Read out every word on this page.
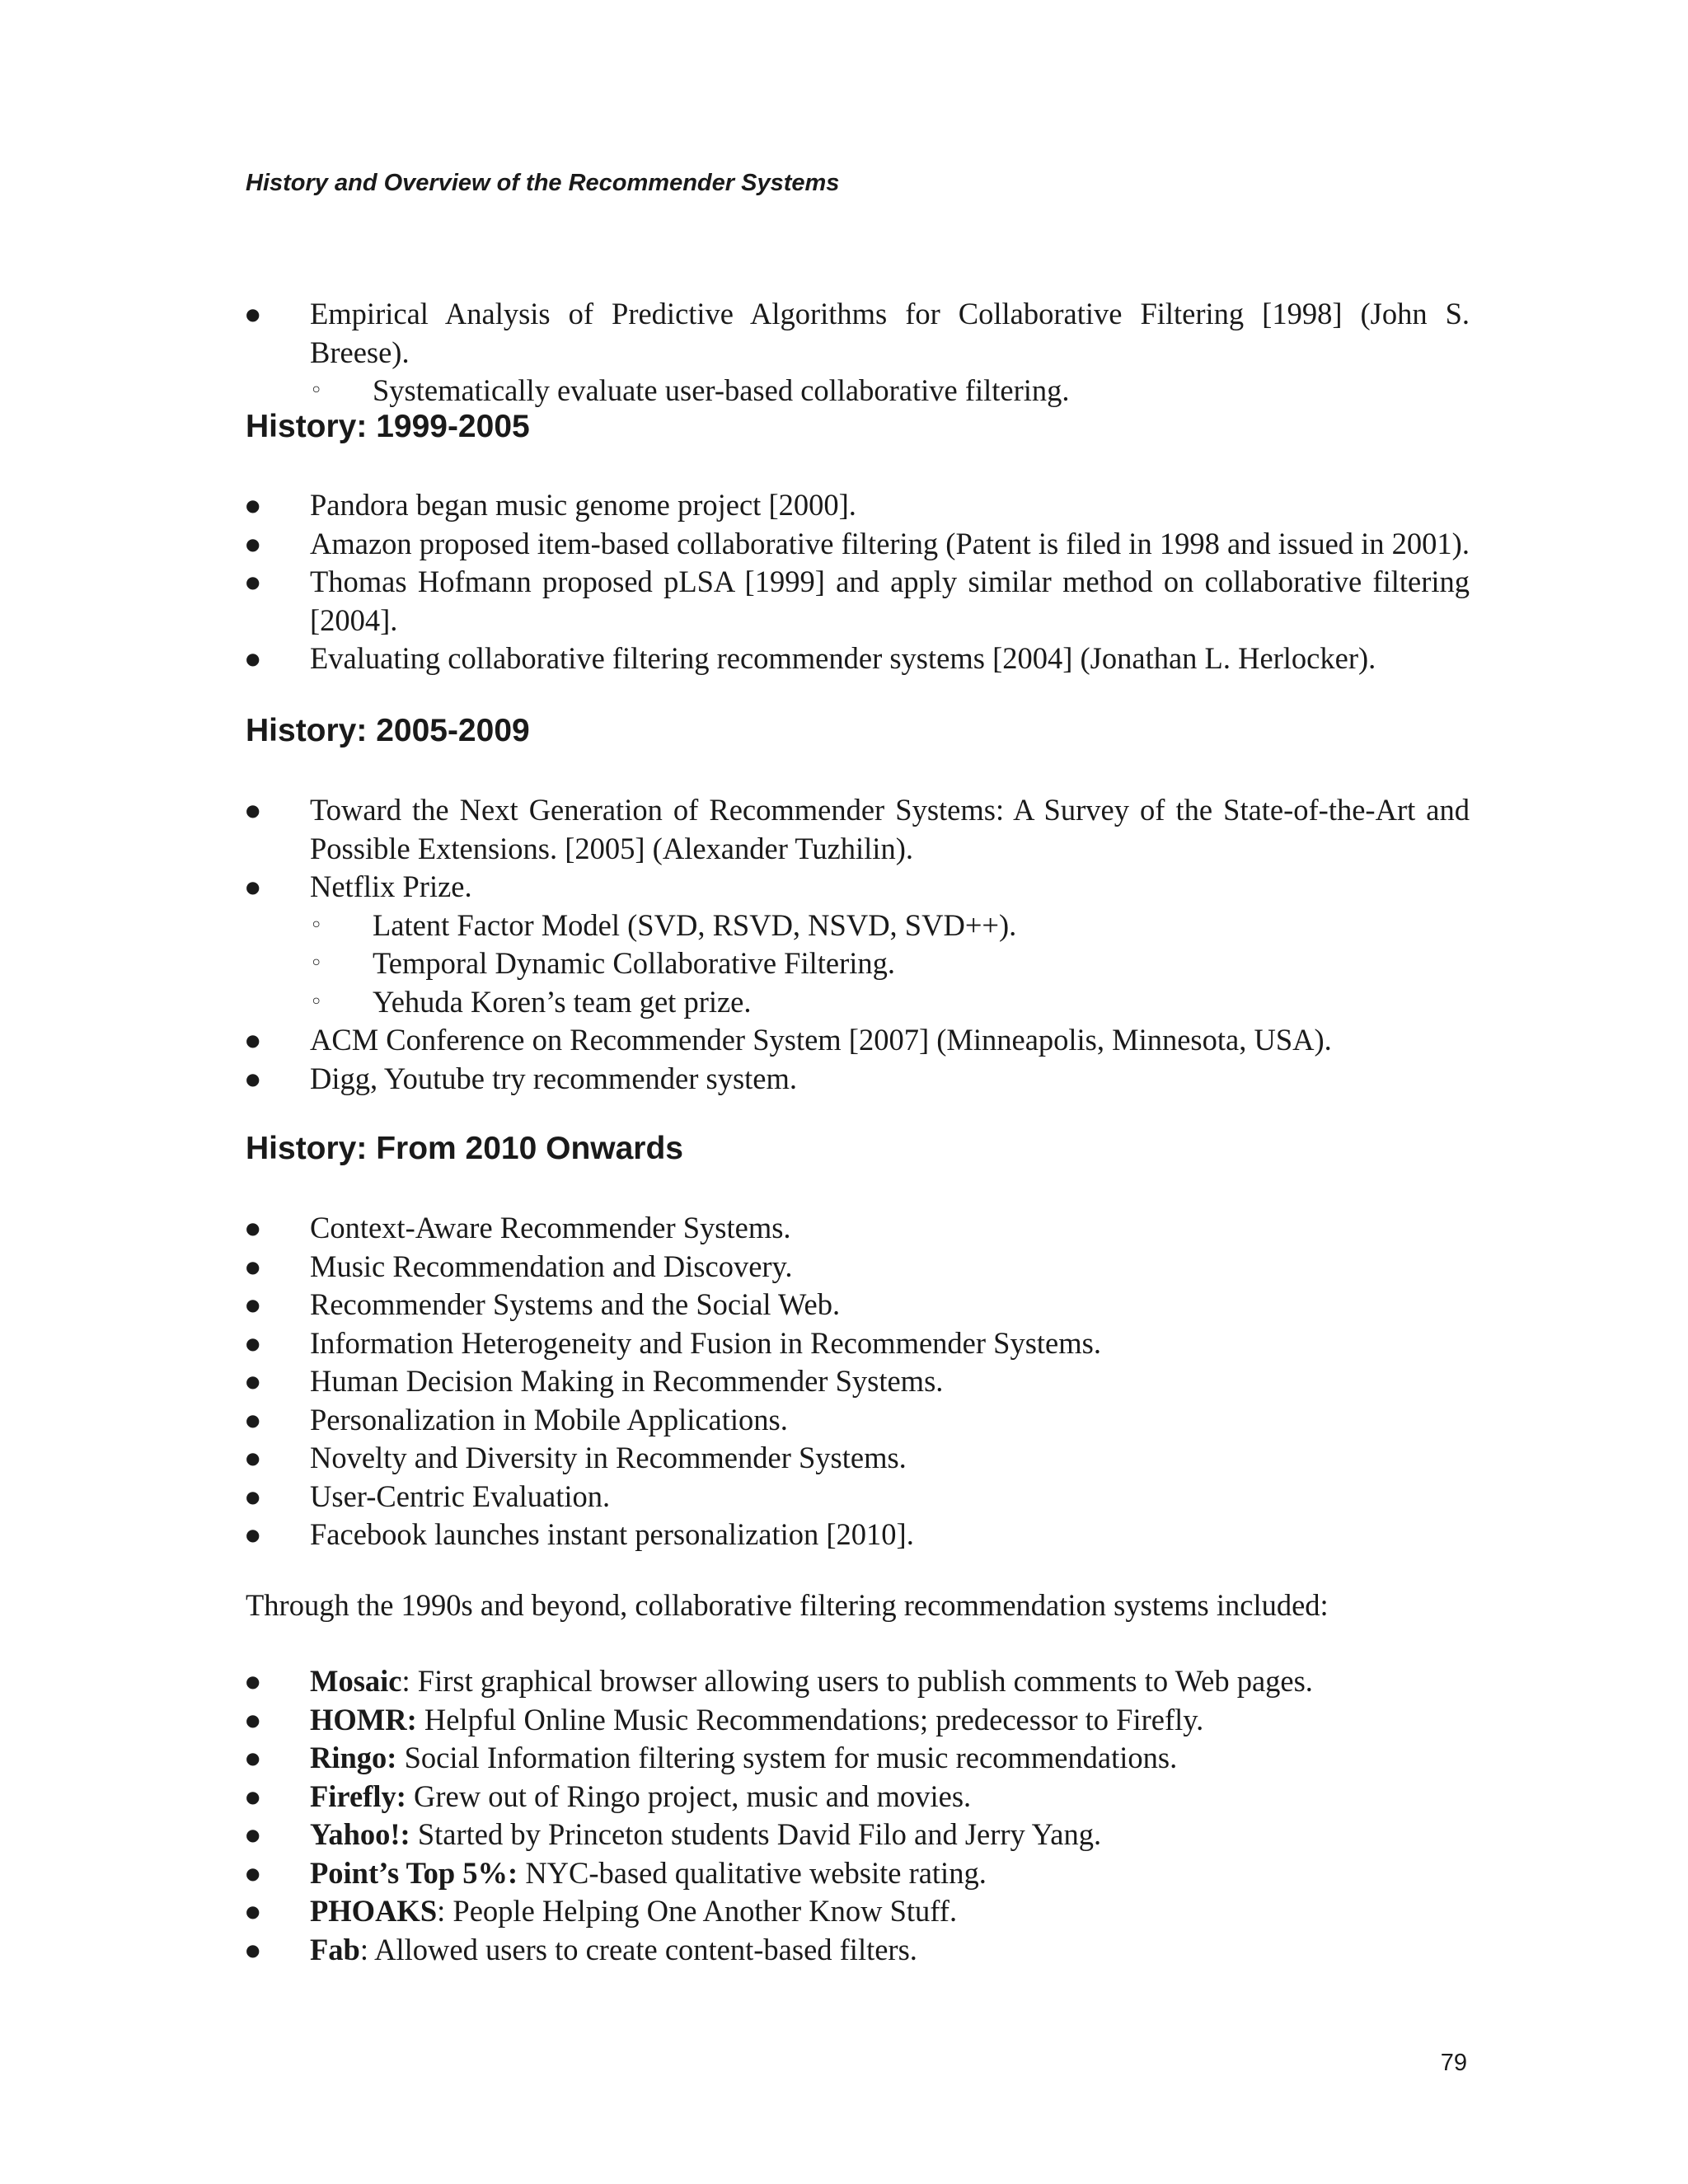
History and Overview of the Recommender Systems

● Empirical Analysis of Predictive Algorithms for Collaborative Filtering [1998] (John S. Breese).
◦ Systematically evaluate user-based collaborative filtering.
History: 1999-2005
● Pandora began music genome project [2000].
● Amazon proposed item-based collaborative filtering (Patent is filed in 1998 and issued in 2001).
● Thomas Hofmann proposed pLSA [1999] and apply similar method on collaborative filtering [2004].
● Evaluating collaborative filtering recommender systems [2004] (Jonathan L. Herlocker).
History: 2005-2009
● Toward the Next Generation of Recommender Systems: A Survey of the State-of-the-Art and Possible Extensions. [2005] (Alexander Tuzhilin).
● Netflix Prize.
◦ Latent Factor Model (SVD, RSVD, NSVD, SVD++).
◦ Temporal Dynamic Collaborative Filtering.
◦ Yehuda Koren’s team get prize.
● ACM Conference on Recommender System [2007] (Minneapolis, Minnesota, USA).
● Digg, Youtube try recommender system.
History: From 2010 Onwards
● Context-Aware Recommender Systems.
● Music Recommendation and Discovery.
● Recommender Systems and the Social Web.
● Information Heterogeneity and Fusion in Recommender Systems.
● Human Decision Making in Recommender Systems.
● Personalization in Mobile Applications.
● Novelty and Diversity in Recommender Systems.
● User-Centric Evaluation.
● Facebook launches instant personalization [2010].

Through the 1990s and beyond, collaborative filtering recommendation systems included:

● Mosaic: First graphical browser allowing users to publish comments to Web pages.
● HOMR: Helpful Online Music Recommendations; predecessor to Firefly.
● Ringo: Social Information filtering system for music recommendations.
● Firefly: Grew out of Ringo project, music and movies.
● Yahoo!: Started by Princeton students David Filo and Jerry Yang.
● Point’s Top 5%: NYC-based qualitative website rating.
● PHOAKS: People Helping One Another Know Stuff.
● Fab: Allowed users to create content-based filters.
79
